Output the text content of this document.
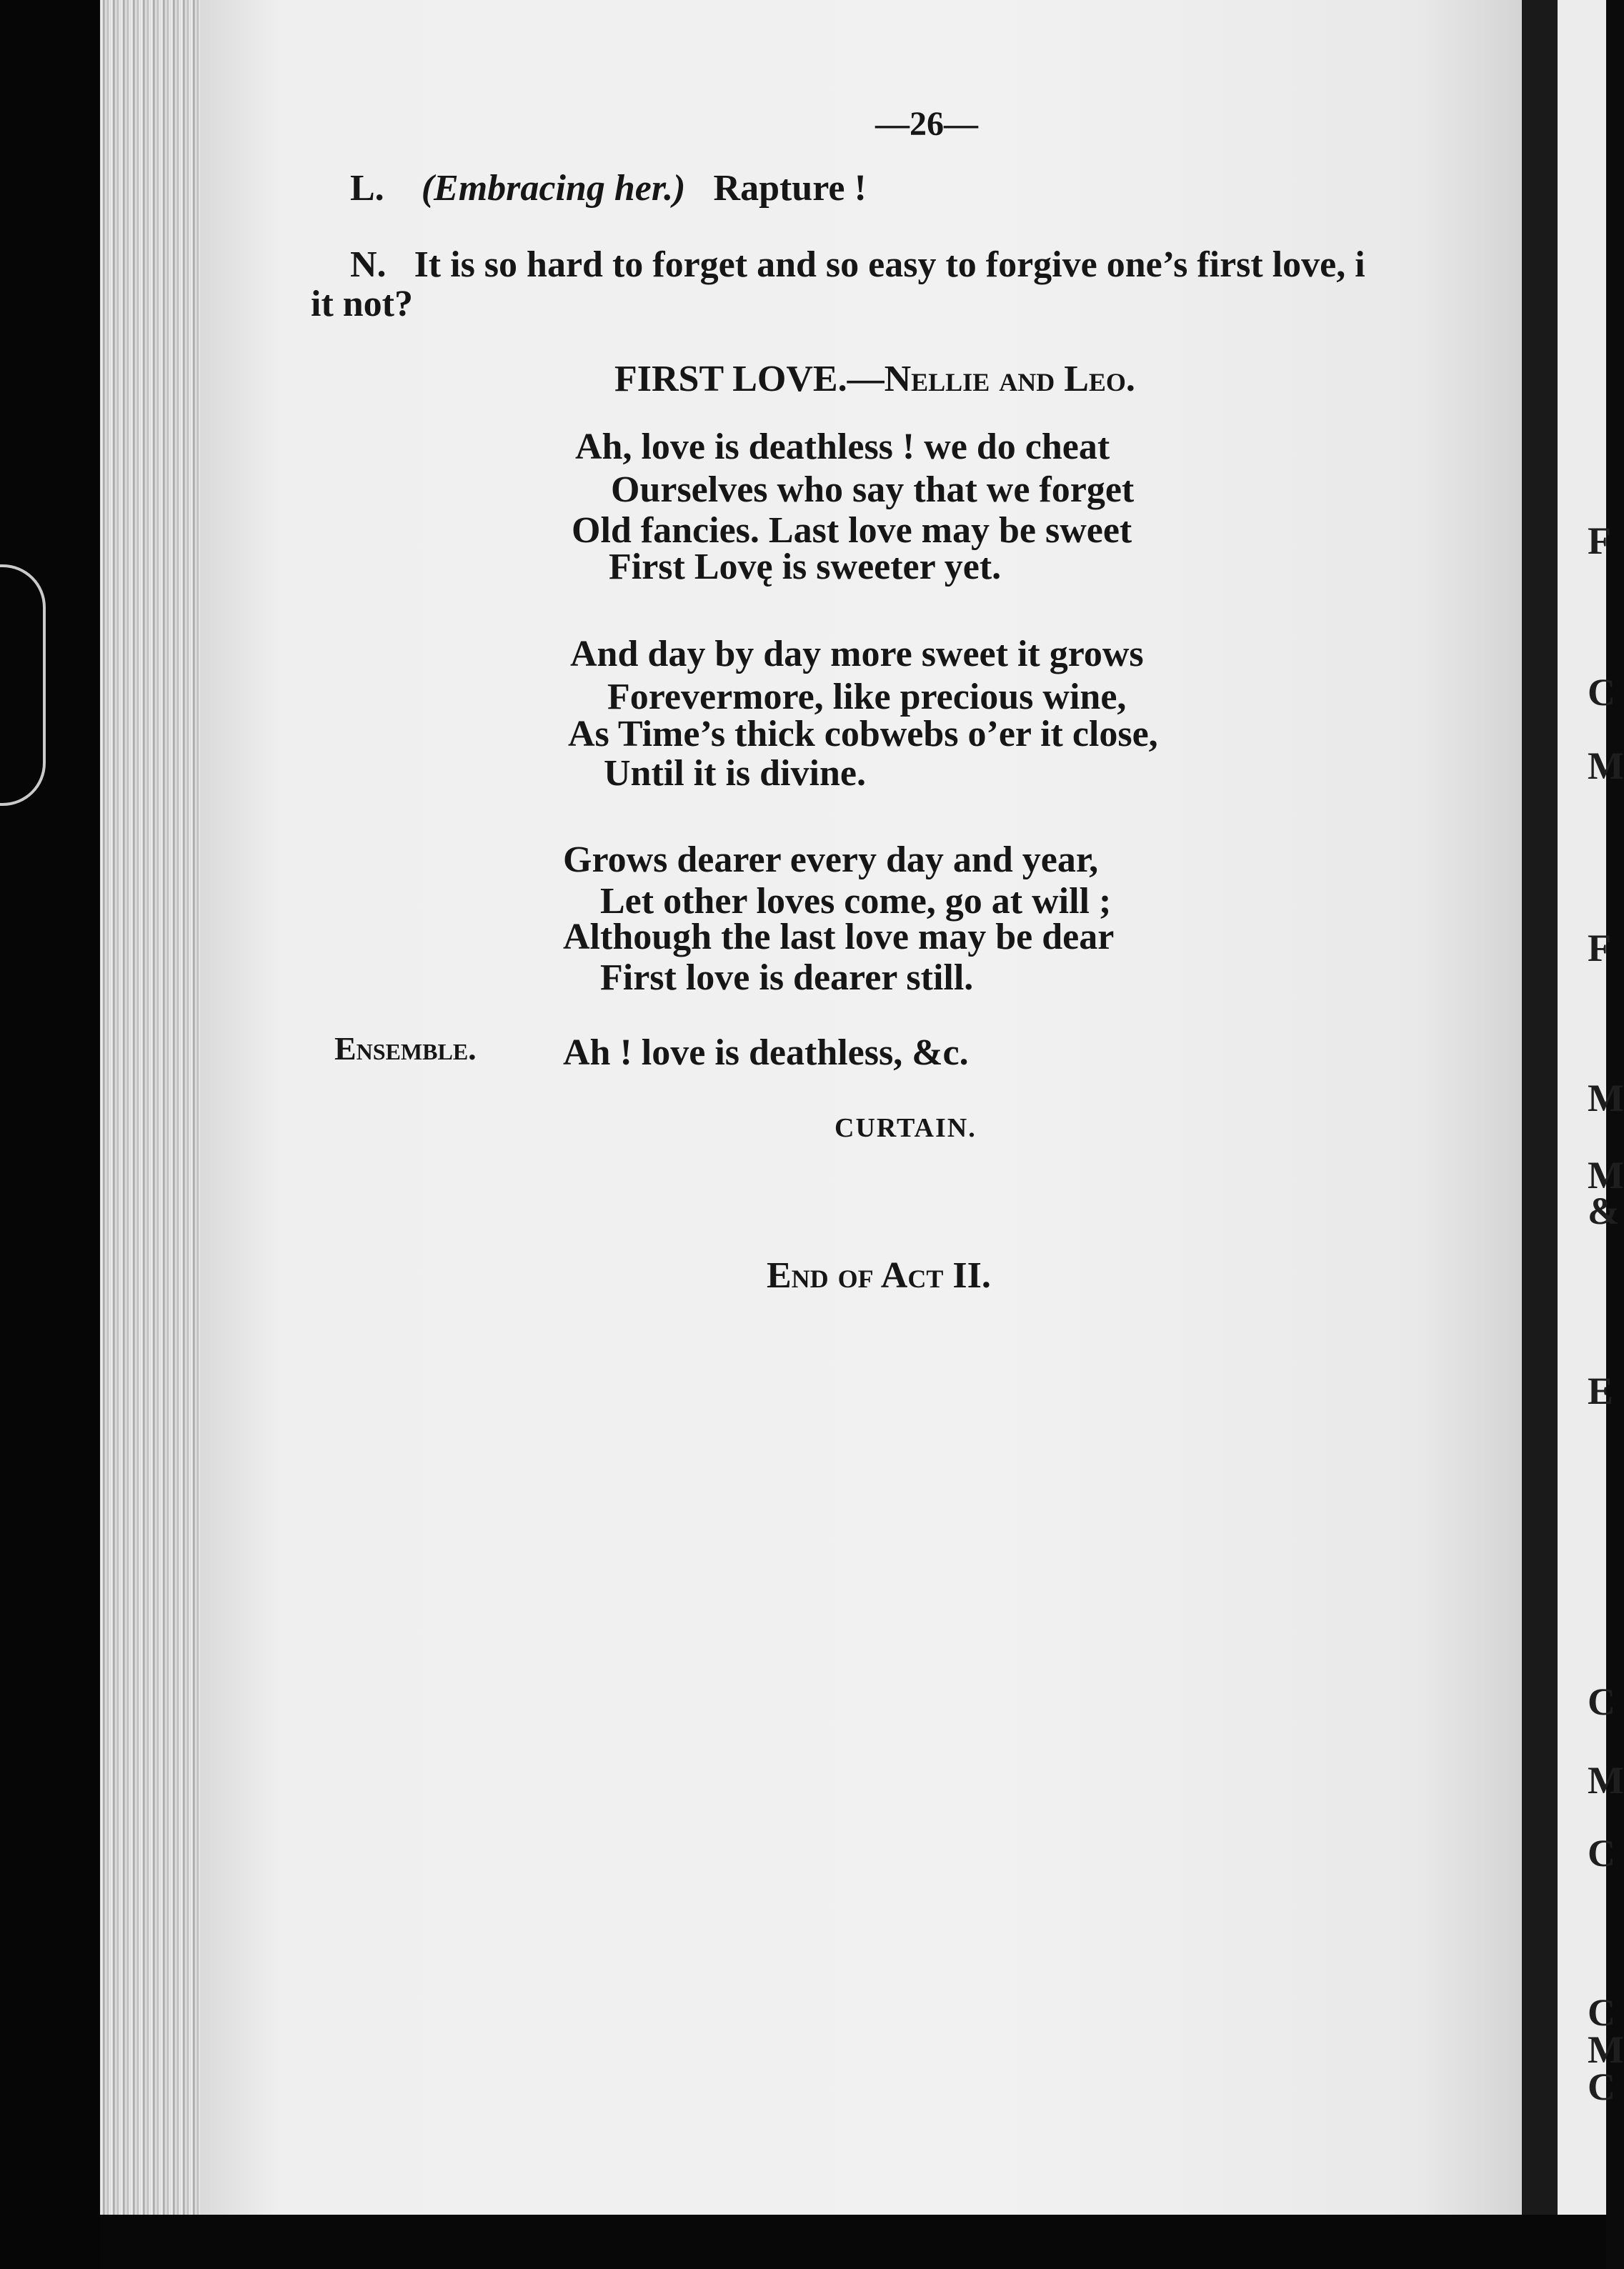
F
C
M
F
M
M
&
E
C
M
C
C
M
C
—26—
L. (Embracing her.) Rapture !
N. It is so hard to forget and so easy to forgive one’s first love, i
it not?
FIRST LOVE.—Nellie and Leo.
Ah, love is deathless ! we do cheat
Ourselves who say that we forget
Old fancies. Last love may be sweet
First Lovę is sweeter yet.
And day by day more sweet it grows
Forevermore, like precious wine,
As Time’s thick cobwebs o’er it close,
Until it is divine.
Grows dearer every day and year,
Let other loves come, go at will ;
Although the last love may be dear
First love is dearer still.
Ensemble. Ah ! love is deathless, &c.
CURTAIN.
End of Act II.
